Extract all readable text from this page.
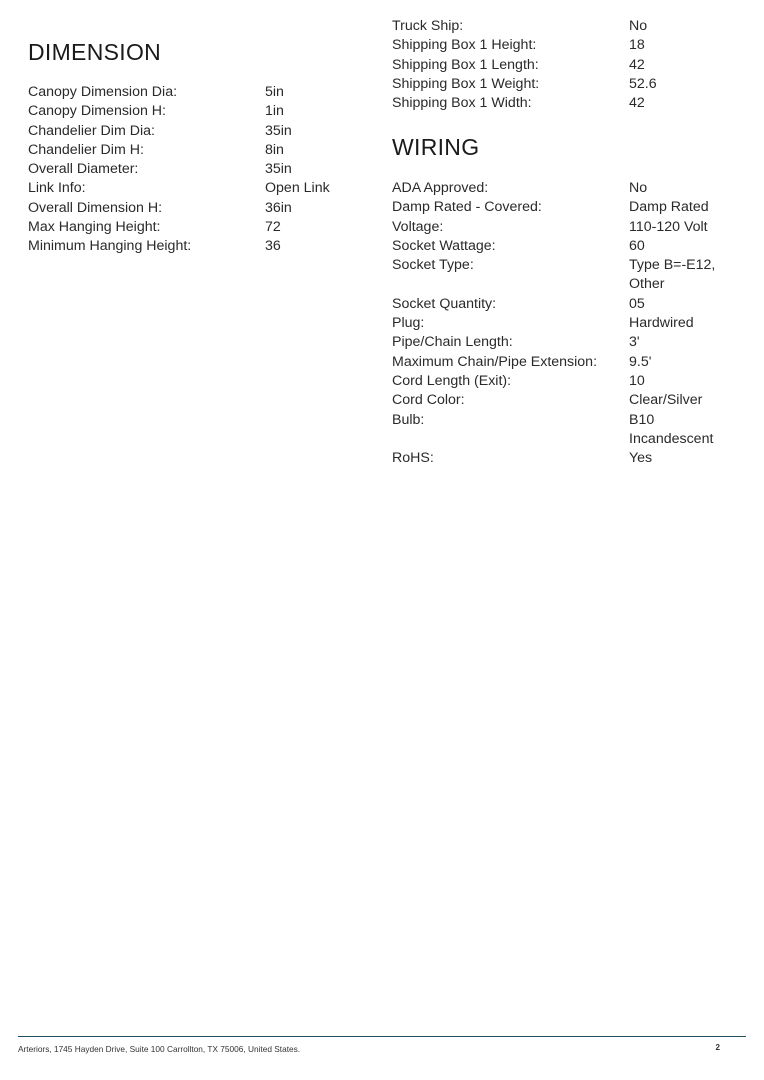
DIMENSION
Canopy Dimension Dia:	5in
Canopy Dimension H:	1in
Chandelier Dim Dia:	35in
Chandelier Dim H:	8in
Overall Diameter:	35in
Link Info:	Open Link
Overall Dimension H:	36in
Max Hanging Height:	72
Minimum Hanging Height:	36
Truck Ship:	No
Shipping Box 1 Height:	18
Shipping Box 1 Length:	42
Shipping Box 1 Weight:	52.6
Shipping Box 1 Width:	42
WIRING
ADA Approved:	No
Damp Rated - Covered:	Damp Rated
Voltage:	110-120 Volt
Socket Wattage:	60
Socket Type:	Type B=-E12,
Other
Socket Quantity:	05
Plug:	Hardwired
Pipe/Chain Length:	3'
Maximum Chain/Pipe Extension:	9.5'
Cord Length (Exit):	10
Cord Color:	Clear/Silver
Bulb:	B10
Incandescent
RoHS:	Yes
Arteriors, 1745 Hayden Drive, Suite 100 Carrollton, TX 75006, United States.	2
